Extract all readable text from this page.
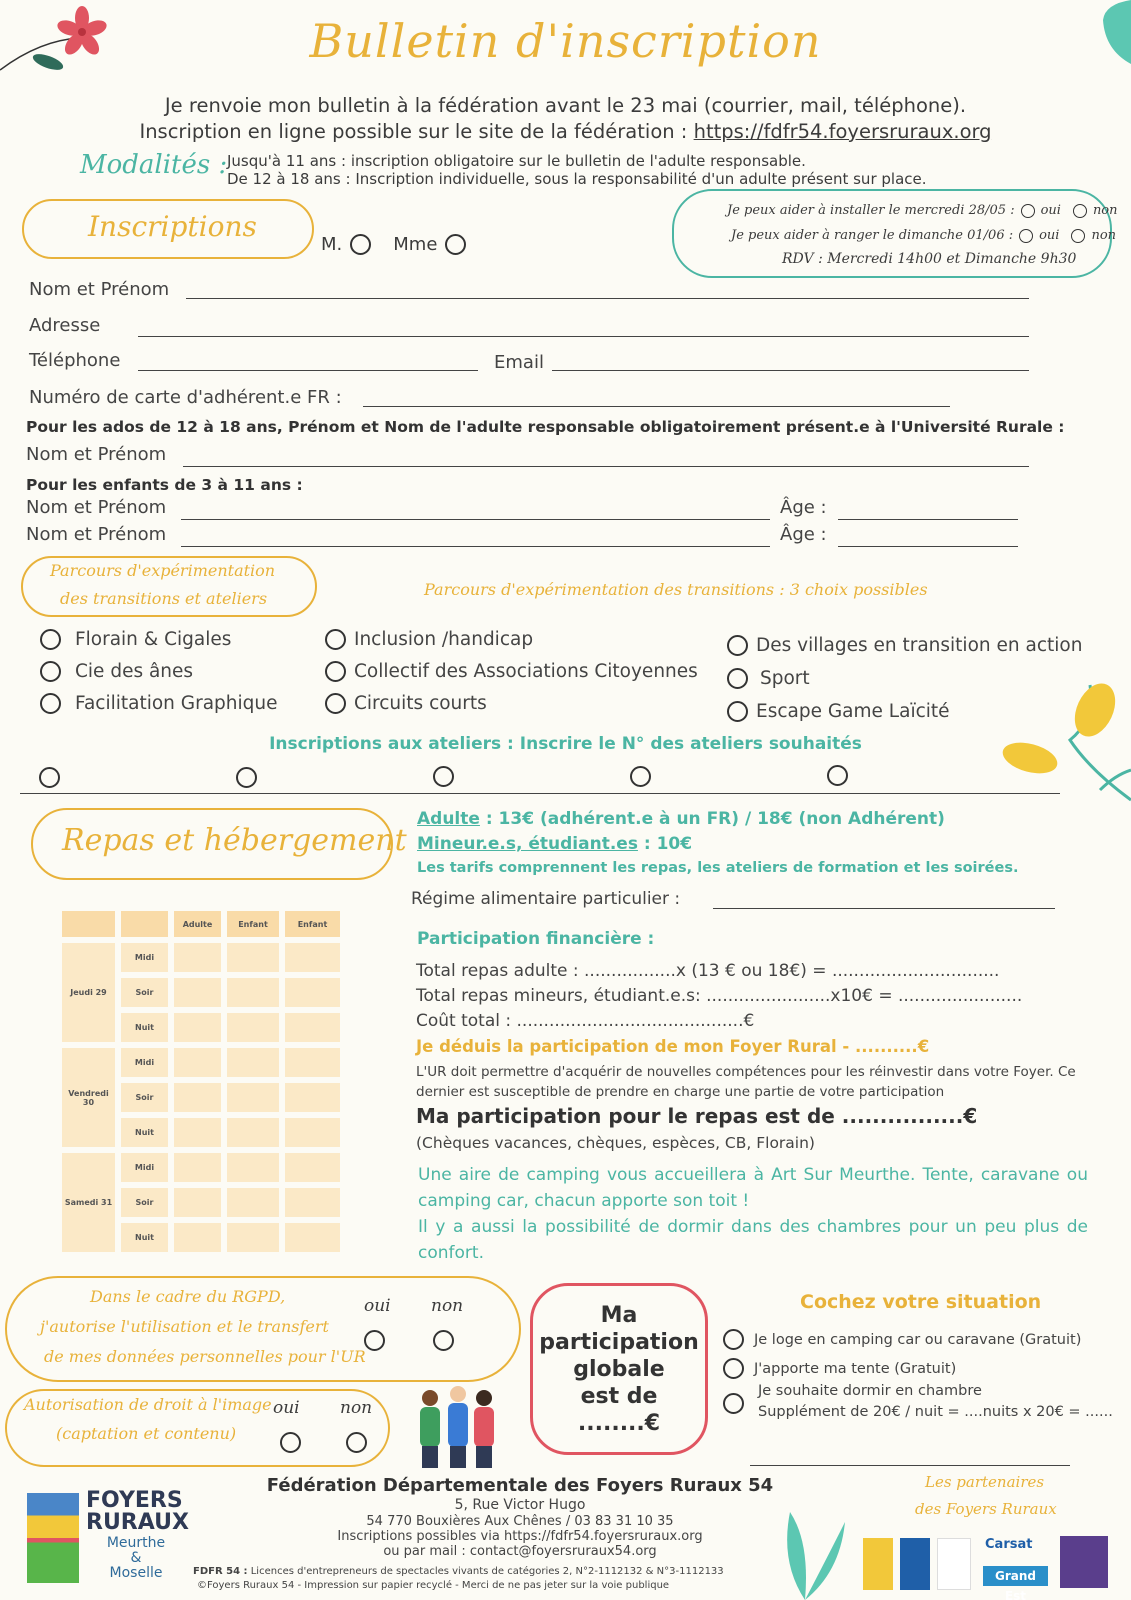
Bulletin d'inscription
Je renvoie mon bulletin à la fédération avant le 23 mai (courrier, mail, téléphone).
Inscription en ligne possible sur le site de la fédération : https://fdfr54.foyersruraux.org
Modalités : Jusqu'à 11 ans : inscription obligatoire sur le bulletin de l'adulte responsable.
De 12 à 18 ans : Inscription individuelle, sous la responsabilité d'un adulte présent sur place.
Inscriptions
M.	Mme
Je peux aider à installer le mercredi 28/05 : oui non
Je peux aider à ranger le dimanche 01/06 : oui non
RDV : Mercredi 14h00 et Dimanche 9h30
Nom et Prénom
Adresse
Téléphone	Email
Numéro de carte d'adhérent.e FR :
Pour les ados de 12 à 18 ans, Prénom et Nom de l'adulte responsable obligatoirement présent.e à l'Université Rurale :
Nom et Prénom
Pour les enfants de 3 à 11 ans :
Nom et Prénom	Âge :
Nom et Prénom	Âge :
Parcours d'expérimentation
des transitions et ateliers	Parcours d'expérimentation des transitions : 3 choix possibles
Florain & Cigales
Cie des ânes
Facilitation Graphique
Inclusion /handicap
Collectif des Associations Citoyennes
Circuits courts
Des villages en transition en action
Sport
Escape Game Laïcité
Inscriptions aux ateliers : Inscrire le N° des ateliers souhaités
Repas et hébergement
Adulte : 13€ (adhérent.e à un FR) / 18€ (non Adhérent)
Mineur.e.s, étudiant.es : 10€
Les tarifs comprennent les repas, les ateliers de formation et les soirées.
Régime alimentaire particulier :
		Adulte	Enfant	Enfant
Jeudi 29	Midi			
	Soir			
	Nuit			
Vendredi 30	Midi			
	Soir			
	Nuit			
Samedi 31	Midi			
	Soir			
	Nuit			
Participation financière :
Total repas adulte : .................x (13 € ou 18€) = ...............................
Total repas mineurs, étudiant.e.s: .......................x10€ = .......................
Coût total : ..........................................€
Je déduis la participation de mon Foyer Rural - ..........€
L'UR doit permettre d'acquérir de nouvelles compétences pour les réinvestir dans votre Foyer. Ce dernier est susceptible de prendre en charge une partie de votre participation
Ma participation pour le repas est de ................€
(Chèques vacances, chèques, espèces, CB, Florain)
Une aire de camping vous accueillera à Art Sur Meurthe. Tente, caravane ou camping car, chacun apporte son toit !
Il y a aussi la possibilité de dormir dans des chambres pour un peu plus de confort.
Dans le cadre du RGPD,
j'autorise l'utilisation et le transfert
de mes données personnelles pour l'UR
oui non
Autorisation de droit à l'image
(captation et contenu)
oui non
Ma
participation
globale
est de
........€
Cochez votre situation
Je loge en camping car ou caravane (Gratuit)
J'apporte ma tente (Gratuit)
Je souhaite dormir en chambre
Supplément de 20€ / nuit = ....nuits x 20€ = ......
FOYERS
RURAUX
Meurthe
&
Moselle
Fédération Départementale des Foyers Ruraux 54
5, Rue Victor Hugo
54 770 Bouxières Aux Chênes / 03 83 31 10 35
Inscriptions possibles via https://fdfr54.foyersruraux.org
ou par mail : contact@foyersruraux54.org
FDFR 54 : Licences d'entrepreneurs de spectacles vivants de catégories 2, N°2-1112132 & N°3-1112133
©Foyers Ruraux 54 - Impression sur papier recyclé - Merci de ne pas jeter sur la voie publique
Les partenaires
des Foyers Ruraux
Carsat
Grand Est
